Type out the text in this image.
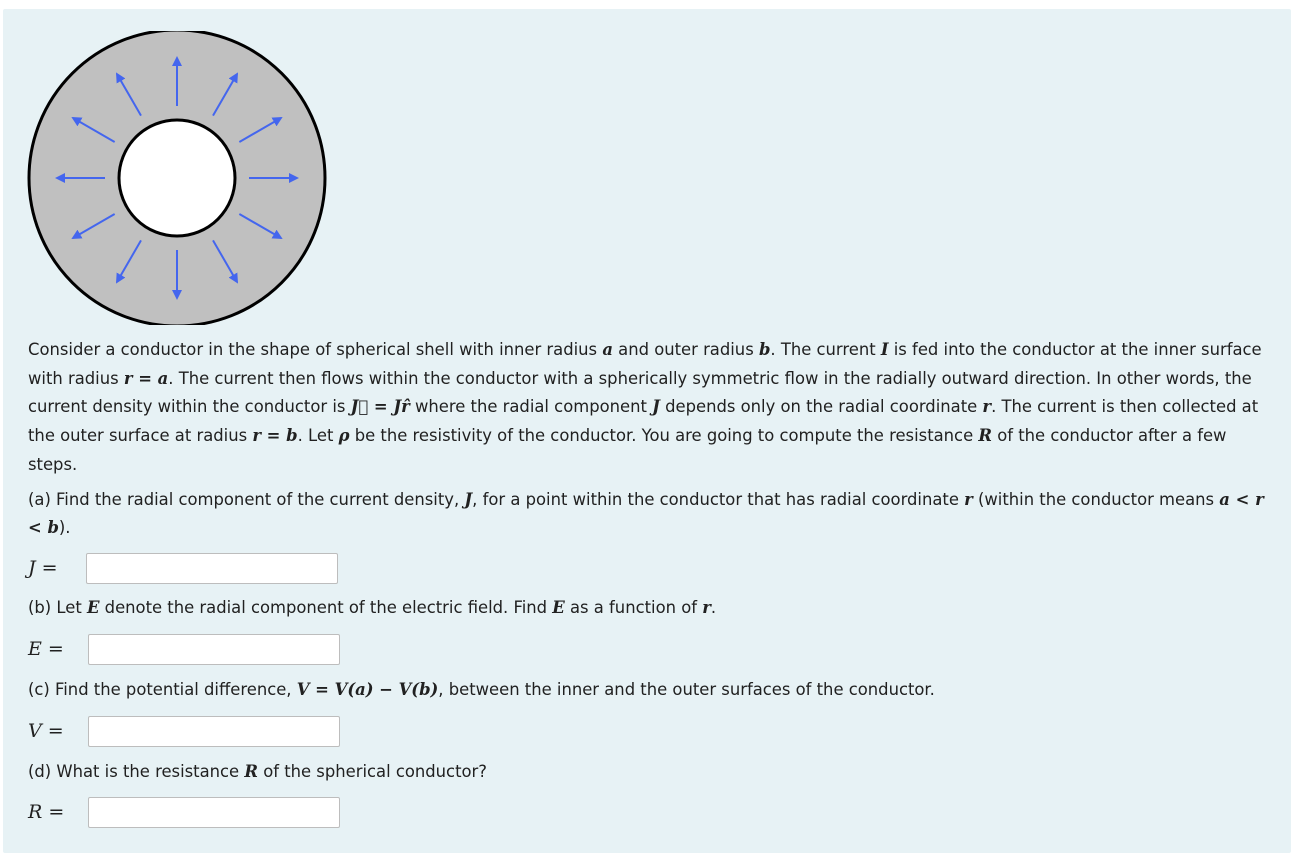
Consider a conductor in the shape of spherical shell with inner radius a and outer radius b. The current I is fed into the conductor at the inner surface with radius r = a. The current then flows within the conductor with a spherically symmetric flow in the radially outward direction. In other words, the current density within the conductor is J⃗ = Jr̂ where the radial component J depends only on the radial coordinate r. The current is then collected at the outer surface at radius r = b. Let ρ be the resistivity of the conductor. You are going to compute the resistance R of the conductor after a few steps.

(a) Find the radial component of the current density, J, for a point within the conductor that has radial coordinate r (within the conductor means a < r < b).
J =
(b) Let E denote the radial component of the electric field. Find E as a function of r.
E =
(c) Find the potential difference, V = V(a) − V(b), between the inner and the outer surfaces of the conductor.
V =
(d) What is the resistance R of the spherical conductor?
R =
